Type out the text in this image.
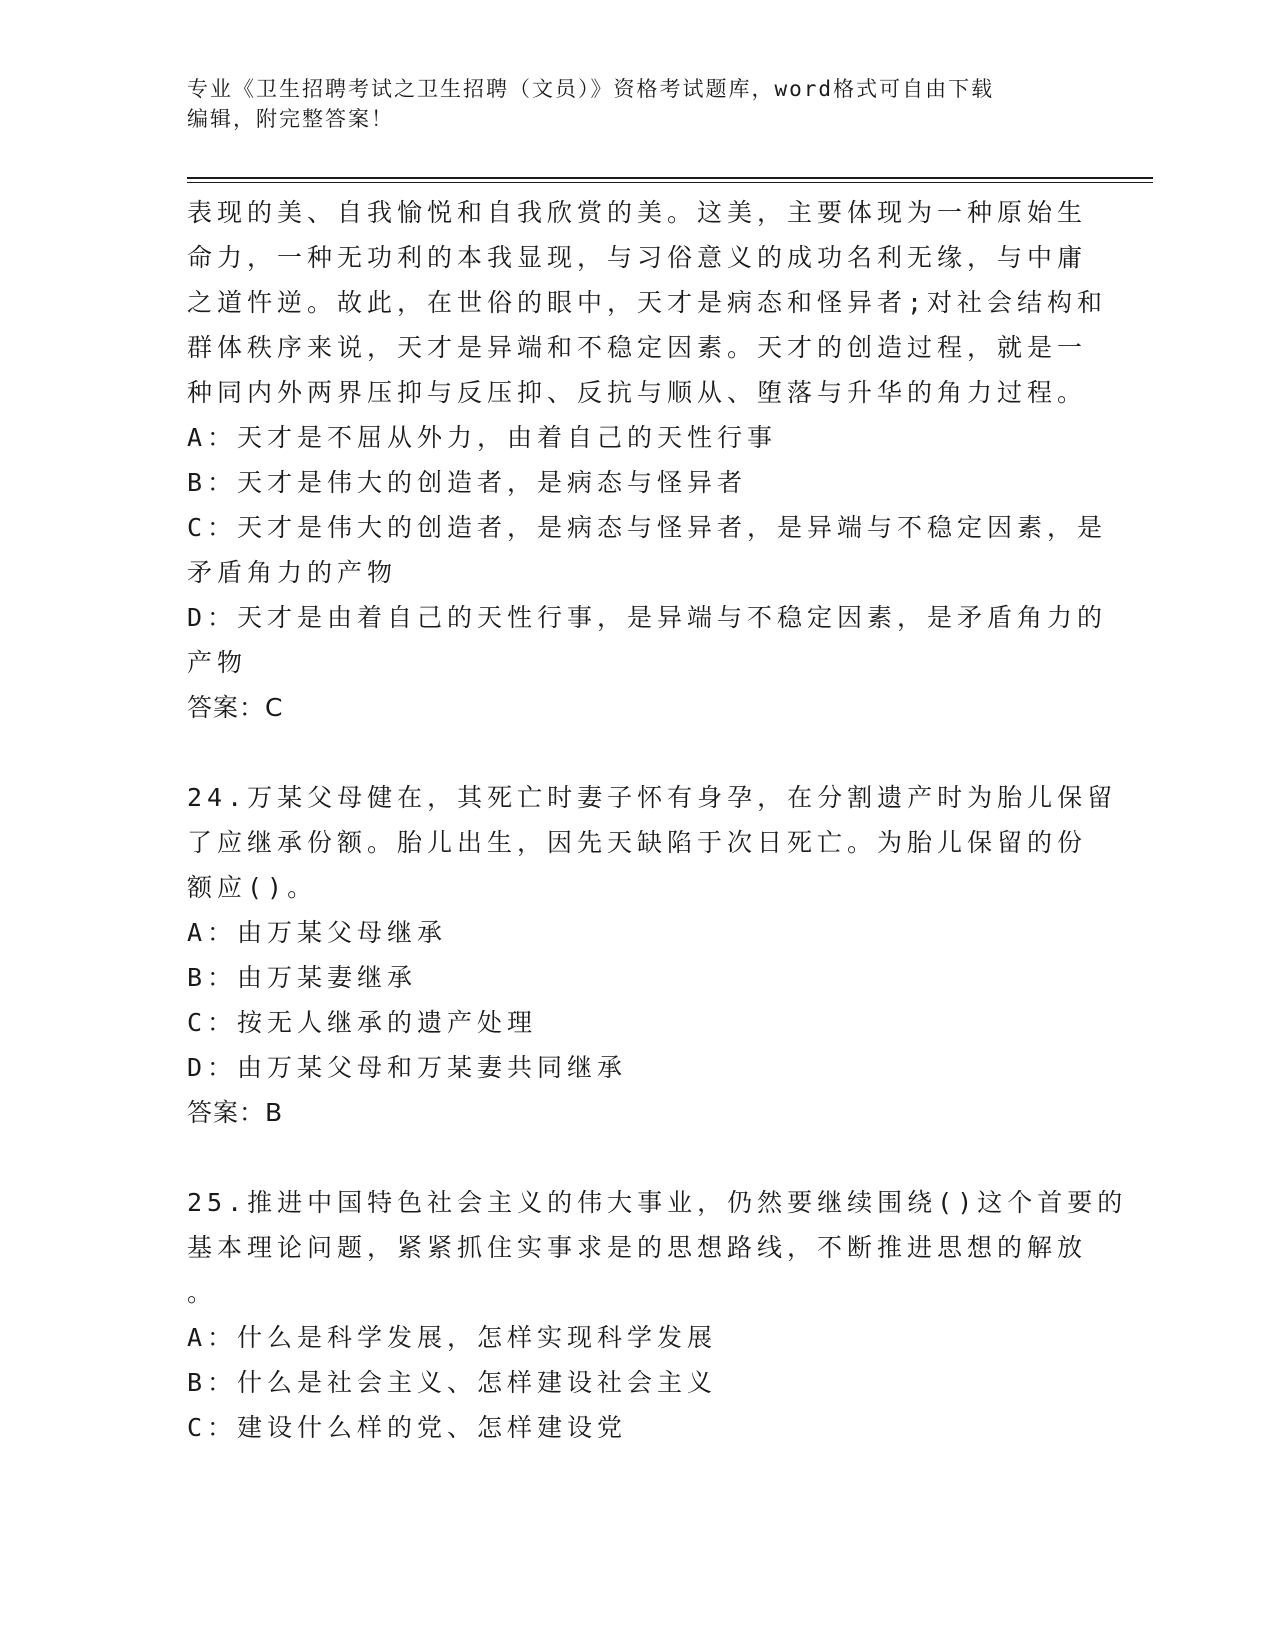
专业《卫生招聘考试之卫生招聘（文员）》资格考试题库，word格式可自由下载
编辑，附完整答案！
表现的美、自我愉悦和自我欣赏的美。这美，主要体现为一种原始生
命力，一种无功利的本我显现，与习俗意义的成功名利无缘，与中庸
之道忤逆。故此，在世俗的眼中，天才是病态和怪异者;对社会结构和
群体秩序来说，天才是异端和不稳定因素。天才的创造过程，就是一
种同内外两界压抑与反压抑、反抗与顺从、堕落与升华的角力过程。
A：天才是不屈从外力，由着自己的天性行事
B：天才是伟大的创造者，是病态与怪异者
C：天才是伟大的创造者，是病态与怪异者，是异端与不稳定因素，是
矛盾角力的产物
D：天才是由着自己的天性行事，是异端与不稳定因素，是矛盾角力的
产物
答案：C
24.万某父母健在，其死亡时妻子怀有身孕，在分割遗产时为胎儿保留
了应继承份额。胎儿出生，因先天缺陷于次日死亡。为胎儿保留的份
额应()。
A：由万某父母继承
B：由万某妻继承
C：按无人继承的遗产处理
D：由万某父母和万某妻共同继承
答案：B
25.推进中国特色社会主义的伟大事业，仍然要继续围绕()这个首要的
基本理论问题，紧紧抓住实事求是的思想路线，不断推进思想的解放
。
A：什么是科学发展，怎样实现科学发展
B：什么是社会主义、怎样建设社会主义
C：建设什么样的党、怎样建设党
